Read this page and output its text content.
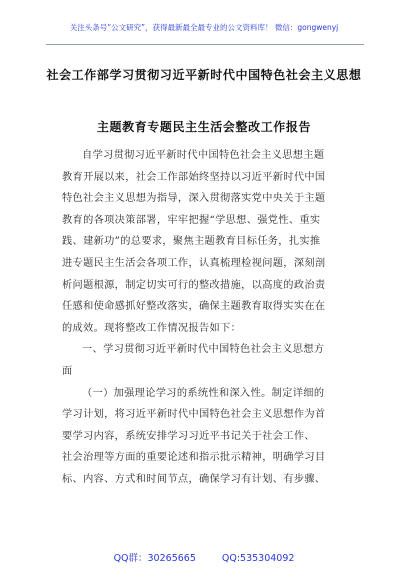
关注头条号“公文研究”，获得最新最全最专业的公文资料库！ 微信：gongwenyj
社会工作部学习贯彻习近平新时代中国特色社会主义思想
主题教育专题民主生活会整改工作报告
自学习贯彻习近平新时代中国特色社会主义思想主题
教育开展以来，社会工作部始终坚持以习近平新时代中国
特色社会主义思想为指导，深入贯彻落实党中央关于主题
教育的各项决策部署，牢牢把握“学思想、强党性、重实
践、建新功”的总要求，聚焦主题教育目标任务，扎实推
进专题民主生活会各项工作，认真梳理检视问题，深刻剖
析问题根源，制定切实可行的整改措施，以高度的政治责
任感和使命感抓好整改落实，确保主题教育取得实实在在
的成效。现将整改工作情况报告如下：
一、学习贯彻习近平新时代中国特色社会主义思想方
面
（一）加强理论学习的系统性和深入性。制定详细的
学习计划，将习近平新时代中国特色社会主义思想作为首
要学习内容，系统安排学习习近平书记关于社会工作、
社会治理等方面的重要论述和指示批示精神，明确学习目
标、内容、方式和时间节点，确保学习有计划、有步骤、
QQ群：30265665	QQ:535304092
